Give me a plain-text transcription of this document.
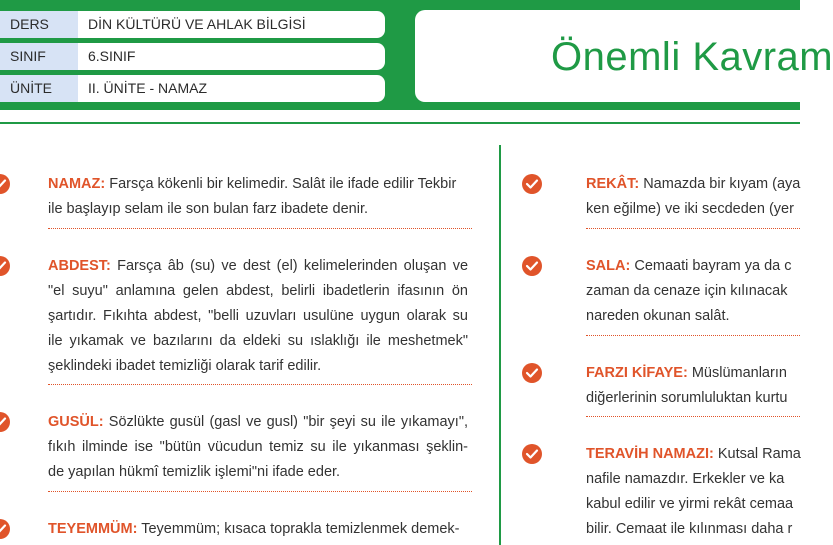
DERS	DİN KÜLTÜRÜ VE AHLAK BİLGİSİ
SINIF	6.SINIF
ÜNİTE	II. ÜNİTE - NAMAZ
Önemli Kavram
NAMAZ: Farsça kökenli bir kelimedir. Salât ile ifade edilir Tekbir
ile başlayıp selam ile son bulan farz ibadete denir.
ABDEST: Farsça âb (su) ve dest (el) kelimelerinden oluşan ve
"el suyu" anlamına gelen abdest, belirli ibadetlerin ifasının ön
şartıdır. Fıkıhta abdest, "belli uzuvları usulüne uygun olarak su
ile yıkamak ve bazılarını da eldeki su ıslaklığı ile meshetmek"
şeklindeki ibadet temizliği olarak tarif edilir.
GUSÜL: Sözlükte gusül (gasl ve gusl) "bir şeyi su ile yıkamayı",
fıkıh ilminde ise "bütün vücudun temiz su ile yıkanması şeklin-
de yapılan hükmî temizlik işlemi"ni ifade eder.
TEYEMMÜM: Teyemmüm; kısaca toprakla temizlenmek demek-
REKÂT: Namazda bir kıyam (aya
ken eğilme) ve iki secdeden (yer
SALA: Cemaati bayram ya da c
zaman da cenaze için kılınacak
nareden okunan salât.
FARZI KİFAYE: Müslümanların
diğerlerinin sorumluluktan kurtu
TERAVİH NAMAZI: Kutsal Rama
nafile namazdır. Erkekler ve ka
kabul edilir ve yirmi rekât cemaa
bilir. Cemaat ile kılınması daha r
